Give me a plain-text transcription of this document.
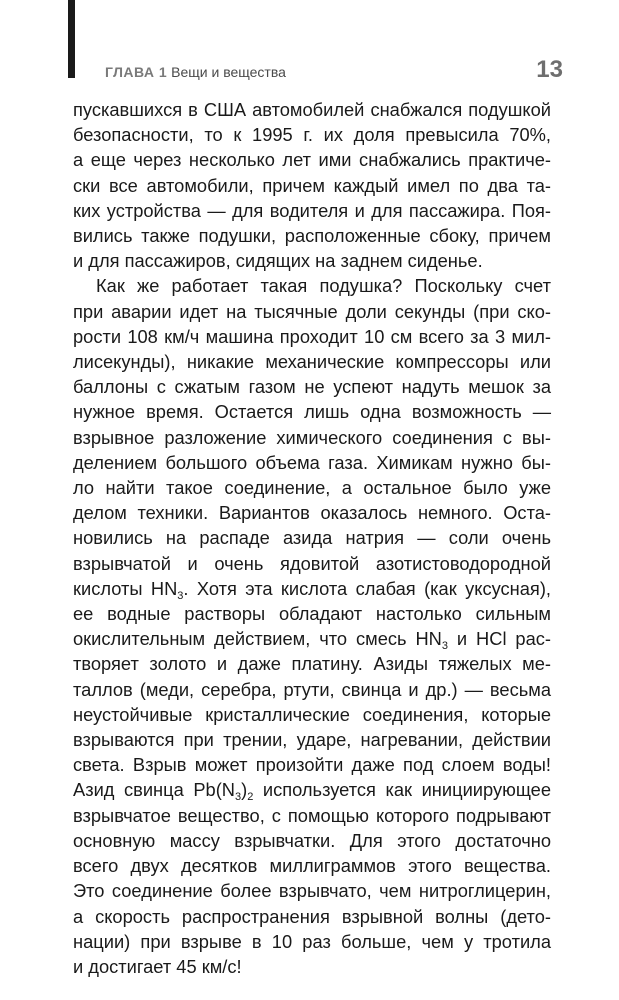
ГЛАВА 1 Вещи и вещества	13

пускавшихся в США автомобилей снабжался подушкой
безопасности, то к 1995 г. их доля превысила 70%,
а еще через несколько лет ими снабжались практиче-
ски все автомобили, причем каждый имел по два та-
ких устройства — для водителя и для пассажира. Поя-
вились также подушки, расположенные сбоку, причем
и для пассажиров, сидящих на заднем сиденье.

Как же работает такая подушка? Поскольку счет
при аварии идет на тысячные доли секунды (при ско-
рости 108 км/ч машина проходит 10 см всего за 3 мил-
лисекунды), никакие механические компрессоры или
баллоны с сжатым газом не успеют надуть мешок за
нужное время. Остается лишь одна возможность —
взрывное разложение химического соединения с вы-
делением большого объема газа. Химикам нужно бы-
ло найти такое соединение, а остальное было уже
делом техники. Вариантов оказалось немного. Оста-
новились на распаде азида натрия — соли очень
взрывчатой и очень ядовитой азотистоводородной
кислоты $HN_3$. Хотя эта кислота слабая (как уксусная),
ее водные растворы обладают настолько сильным
окислительным действием, что смесь $HN_3$ и HCl рас-
творяет золото и даже платину. Азиды тяжелых ме-
таллов (меди, серебра, ртути, свинца и др.) — весьма
неустойчивые кристаллические соединения, которые
взрываются при трении, ударе, нагревании, действии
света. Взрыв может произойти даже под слоем воды!
Азид свинца $Pb(N_3)_2$ используется как инициирующее
взрывчатое вещество, с помощью которого подрывают
основную массу взрывчатки. Для этого достаточно
всего двух десятков миллиграммов этого вещества.
Это соединение более взрывчато, чем нитроглицерин,
а скорость распространения взрывной волны (дето-
нации) при взрыве в 10 раз больше, чем у тротила
и достигает 45 км/с!
